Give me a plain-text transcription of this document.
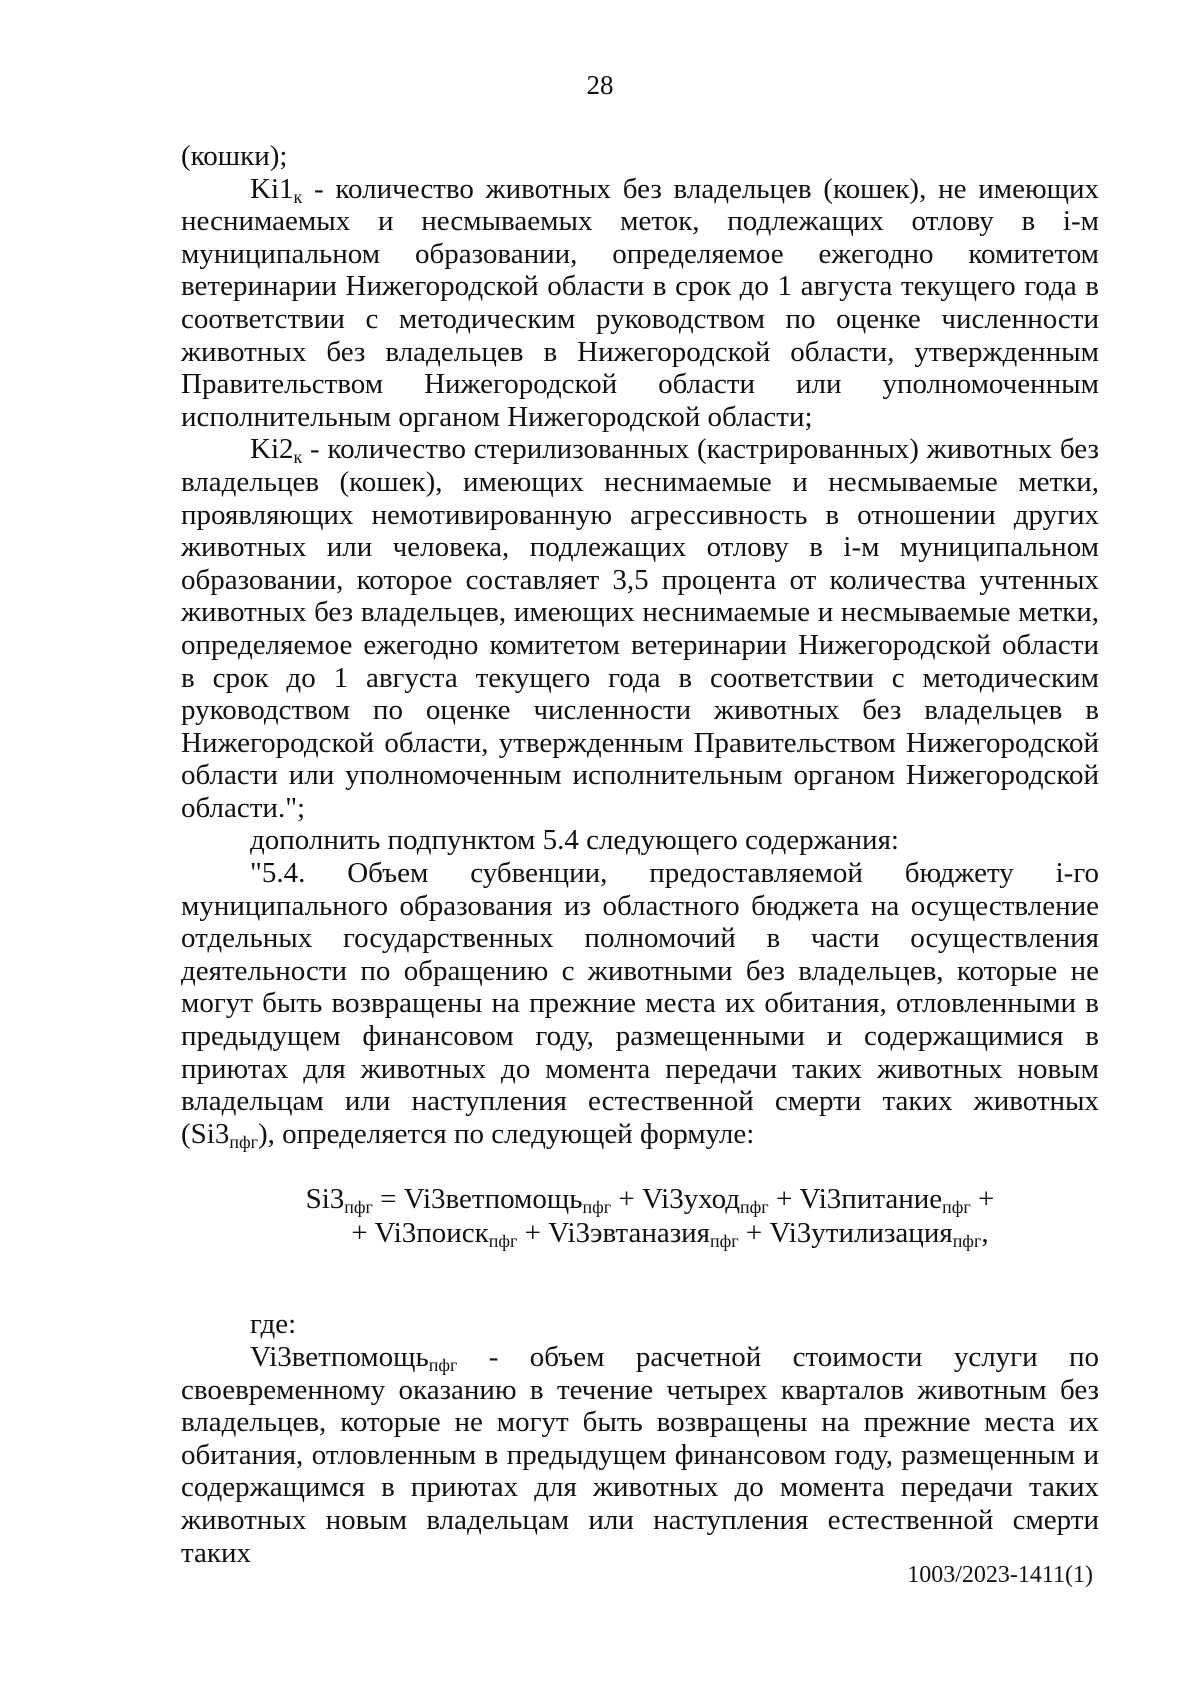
28

(кошки);

$Ki1_к$ - количество животных без владельцев (кошек), не имеющих неснимаемых и несмываемых меток, подлежащих отлову в i-м муниципальном образовании, определяемое ежегодно комитетом ветеринарии Нижегородской области в срок до 1 августа текущего года в соответствии с методическим руководством по оценке численности животных без владельцев в Нижегородской области, утвержденным Правительством Нижегородской области или уполномоченным исполнительным органом Нижегородской области;

$Ki2_к$ - количество стерилизованных (кастрированных) животных без владельцев (кошек), имеющих неснимаемые и несмываемые метки, проявляющих немотивированную агрессивность в отношении других животных или человека, подлежащих отлову в i-м муниципальном образовании, которое составляет 3,5 процента от количества учтенных животных без владельцев, имеющих неснимаемые и несмываемые метки, определяемое ежегодно комитетом ветеринарии Нижегородской области в срок до 1 августа текущего года в соответствии с методическим руководством по оценке численности животных без владельцев в Нижегородской области, утвержденным Правительством Нижегородской области или уполномоченным исполнительным органом Нижегородской области.";

дополнить подпунктом 5.4 следующего содержания:

"5.4. Объем субвенции, предоставляемой бюджету i-го муниципального образования из областного бюджета на осуществление отдельных государственных полномочий в части осуществления деятельности по обращению с животными без владельцев, которые не могут быть возвращены на прежние места их обитания, отловленными в предыдущем финансовом году, размещенными и содержащимися в приютах для животных до момента передачи таких животных новым владельцам или наступления естественной смерти таких животных $(Si3_{пфг})$, определяется по следующей формуле:

$Si3_{пфг}$ = Vi3ветпомощь$_{пфг}$ + Vi3уход$_{пфг}$ + Vi3питание$_{пфг}$ +
+ Vi3поиск$_{пфг}$ + Vi3эвтаназия$_{пфг}$ + Vi3утилизация$_{пфг}$,

где:

Vi3ветпомощь$_{пфг}$ - объем расчетной стоимости услуги по своевременному оказанию в течение четырех кварталов животным без владельцев, которые не могут быть возвращены на прежние места их обитания, отловленным в предыдущем финансовом году, размещенным и содержащимся в приютах для животных до момента передачи таких животных новым владельцам или наступления естественной смерти таких

1003/2023-1411(1)
